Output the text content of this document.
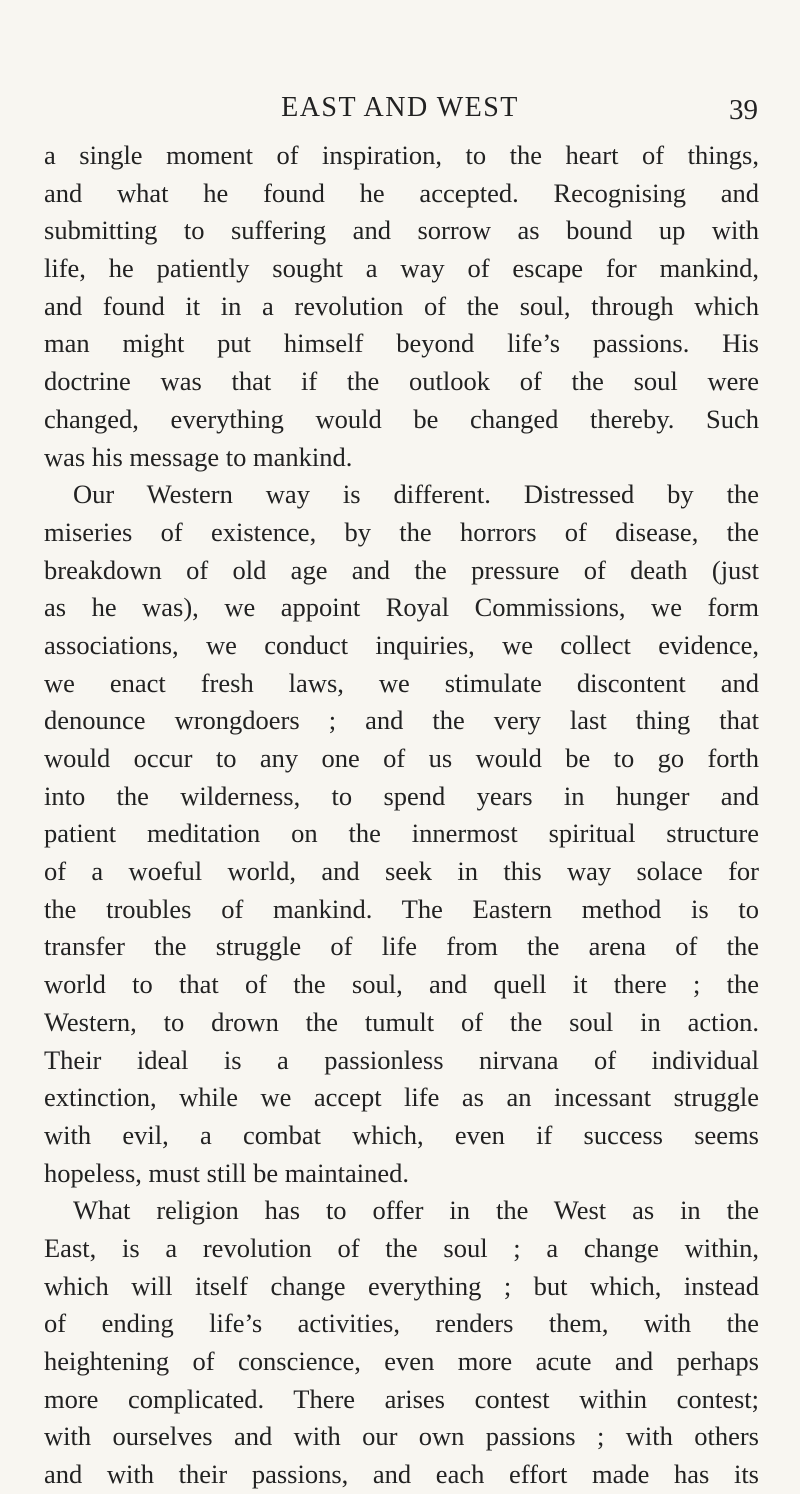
EAST AND WEST	39
a single moment of inspiration, to the heart of things,
and what he found he accepted. Recognising and
submitting to suffering and sorrow as bound up with
life, he patiently sought a way of escape for mankind,
and found it in a revolution of the soul, through which
man might put himself beyond life’s passions. His
doctrine was that if the outlook of the soul were
changed, everything would be changed thereby. Such
was his message to mankind.
Our Western way is different. Distressed by the
miseries of existence, by the horrors of disease, the
breakdown of old age and the pressure of death (just
as he was), we appoint Royal Commissions, we form
associations, we conduct inquiries, we collect evidence,
we enact fresh laws, we stimulate discontent and
denounce wrongdoers ; and the very last thing that
would occur to any one of us would be to go forth
into the wilderness, to spend years in hunger and
patient meditation on the innermost spiritual structure
of a woeful world, and seek in this way solace for
the troubles of mankind. The Eastern method is to
transfer the struggle of life from the arena of the
world to that of the soul, and quell it there ; the
Western, to drown the tumult of the soul in action.
Their ideal is a passionless nirvana of individual
extinction, while we accept life as an incessant struggle
with evil, a combat which, even if success seems
hopeless, must still be maintained.
What religion has to offer in the West as in the
East, is a revolution of the soul ; a change within,
which will itself change everything ; but which, instead
of ending life’s activities, renders them, with the
heightening of conscience, even more acute and perhaps
more complicated. There arises contest within contest;
with ourselves and with our own passions ; with others
and with their passions, and each effort made has its
